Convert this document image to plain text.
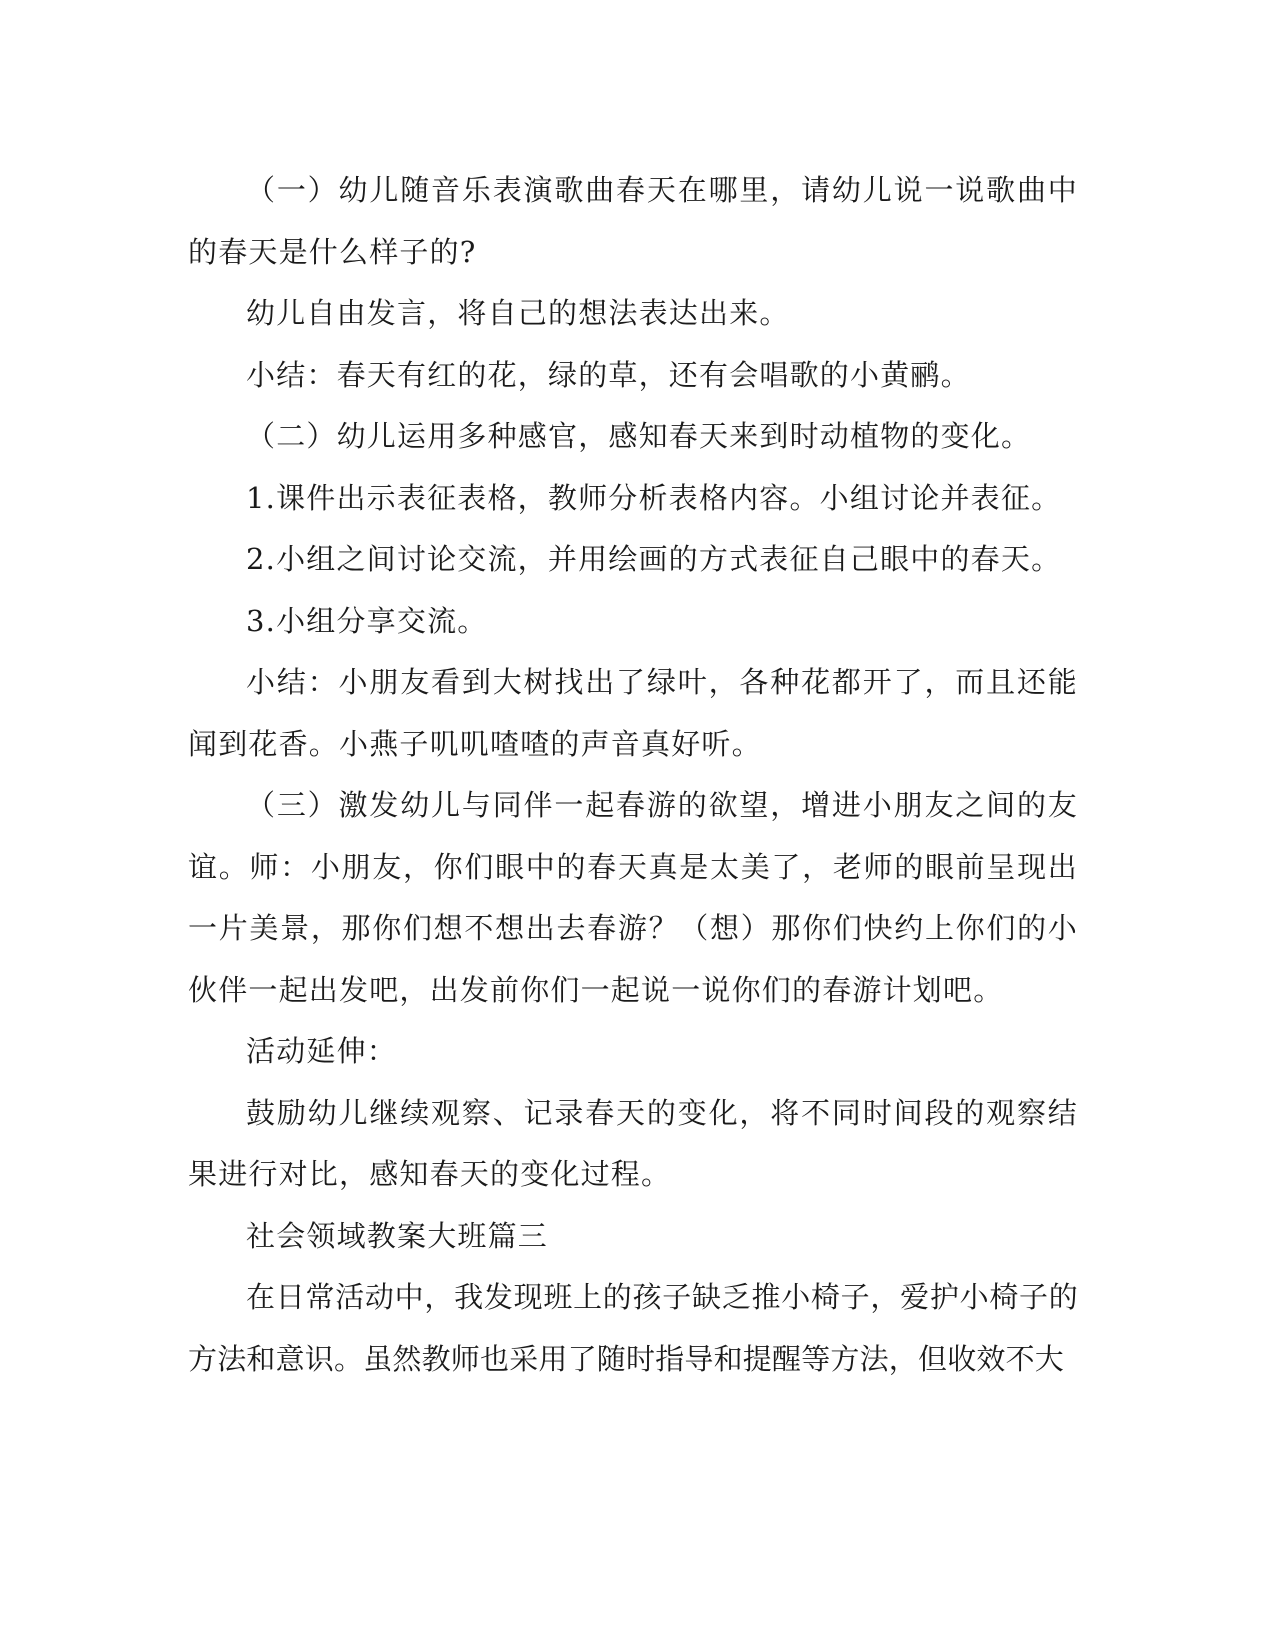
（一）幼儿随音乐表演歌曲春天在哪里，请幼儿说一说歌曲中的春天是什么样子的?

幼儿自由发言，将自己的想法表达出来。

小结：春天有红的花，绿的草，还有会唱歌的小黄鹂。

（二）幼儿运用多种感官，感知春天来到时动植物的变化。

1.课件出示表征表格，教师分析表格内容。小组讨论并表征。

2.小组之间讨论交流，并用绘画的方式表征自己眼中的春天。

3.小组分享交流。

小结：小朋友看到大树找出了绿叶，各种花都开了，而且还能闻到花香。小燕子叽叽喳喳的声音真好听。

（三）激发幼儿与同伴一起春游的欲望，增进小朋友之间的友谊。师：小朋友，你们眼中的春天真是太美了，老师的眼前呈现出一片美景，那你们想不想出去春游？（想）那你们快约上你们的小伙伴一起出发吧，出发前你们一起说一说你们的春游计划吧。

活动延伸：

鼓励幼儿继续观察、记录春天的变化，将不同时间段的观察结果进行对比，感知春天的变化过程。

社会领域教案大班篇三

在日常活动中，我发现班上的孩子缺乏推小椅子，爱护小椅子的方法和意识。虽然教师也采用了随时指导和提醒等方法，但收效不大
